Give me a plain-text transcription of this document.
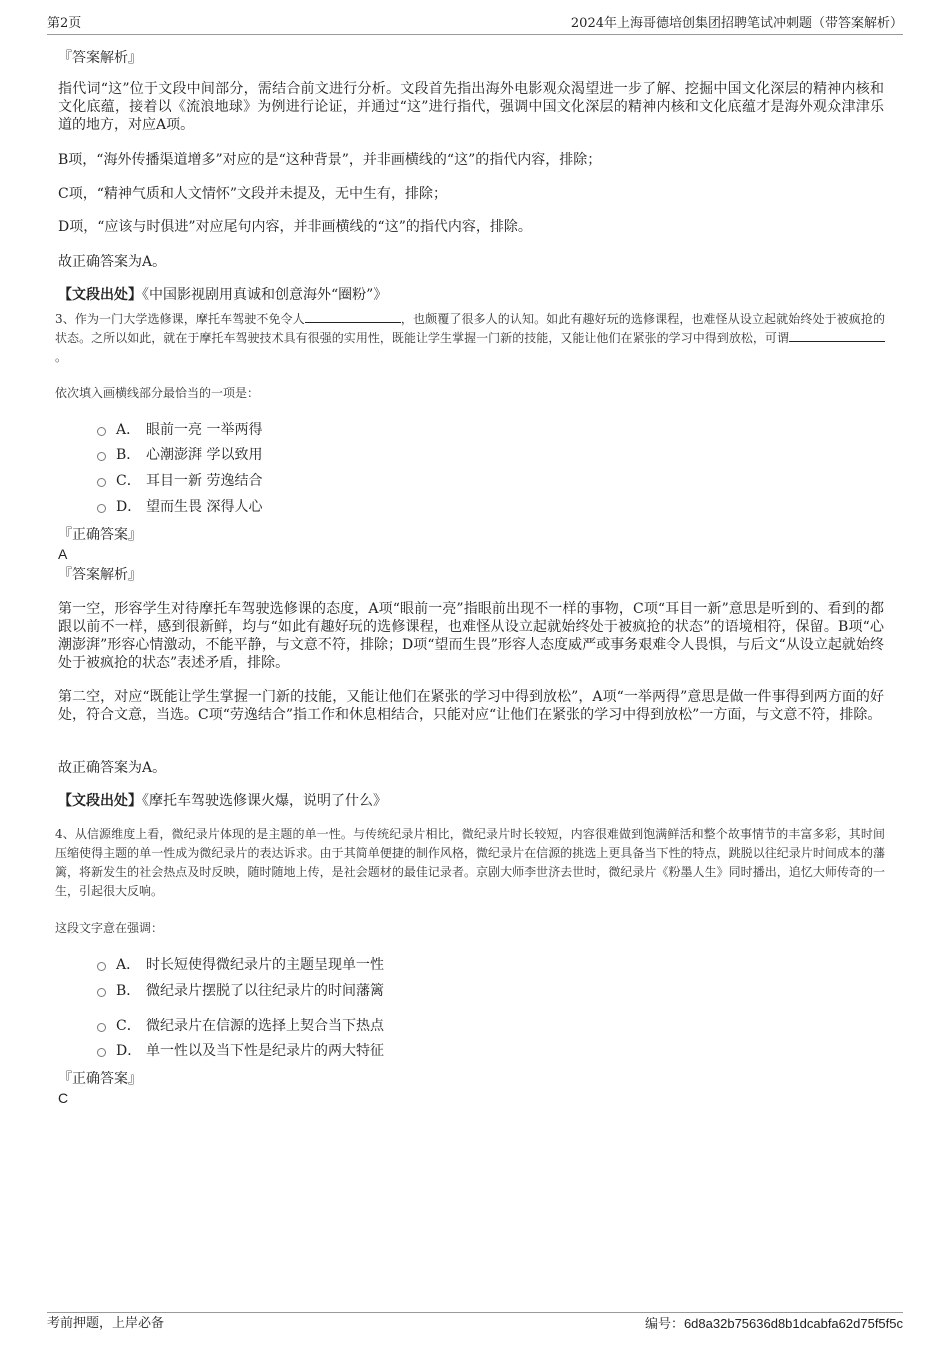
第2页	2024年上海哥德培创集团招聘笔试冲刺题（带答案解析）
『答案解析』
指代词“这”位于文段中间部分，需结合前文进行分析。文段首先指出海外电影观众渴望进一步了解、挖掘中国文化深层的精神内核和文化底蕴，接着以《流浪地球》为例进行论证，并通过“这”进行指代，强调中国文化深层的精神内核和文化底蕴才是海外观众津津乐道的地方，对应A项。
B项，“海外传播渠道增多”对应的是“这种背景”，并非画横线的“这”的指代内容，排除；
C项，“精神气质和人文情怀”文段并未提及，无中生有，排除；
D项，“应该与时俱进”对应尾句内容，并非画横线的“这”的指代内容，排除。
故正确答案为A。
【文段出处】《中国影视剧用真诚和创意海外“圈粉”》
3、作为一门大学选修课，摩托车驾驶不免令人	，也颇覆了很多人的认知。如此有趣好玩的选修课程，也难怪从设立起就始终处于被疯抢的状态。之所以如此，就在于摩托车驾驶技术具有很强的实用性，既能让学生掌握一门新的技能，又能让他们在紧张的学习中得到放松，可谓。
依次填入画横线部分最恰当的一项是：
A． 眼前一亮 一举两得
B． 心潮澎湃 学以致用
C． 耳目一新 劳逸结合
D． 望而生畏 深得人心
『正确答案』
A
『答案解析』
第一空，形容学生对待摩托车驾驶选修课的态度，A项“眼前一亮”指眼前出现不一样的事物，C项“耳目一新”意思是听到的、看到的都跟以前不一样，感到很新鲜，均与“如此有趣好玩的选修课程，也难怪从设立起就始终处于被疯抢的状态”的语境相符，保留。B项“心潮澎湃”形容心情激动，不能平静，与文意不符，排除；D项“望而生畏”形容人态度威严或事务艰难令人畏惧，与后文“从设立起就始终处于被疯抢的状态”表述矛盾，排除。
第二空，对应“既能让学生掌握一门新的技能，又能让他们在紧张的学习中得到放松”，A项“一举两得”意思是做一件事得到两方面的好处，符合文意，当选。C项“劳逸结合”指工作和休息相结合，只能对应“让他们在紧张的学习中得到放松”一方面，与文意不符，排除。
故正确答案为A。
【文段出处】《摩托车驾驶选修课火爆，说明了什么》
4、从信源维度上看，微纪录片体现的是主题的单一性。与传统纪录片相比，微纪录片时长较短，内容很难做到饱满鲜活和整个故事情节的丰富多彩，其时间压缩使得主题的单一性成为微纪录片的表达诉求。由于其简单便捷的制作风格，微纪录片在信源的挑选上更具备当下性的特点，跳脱以往纪录片时间成本的藩篱，将新发生的社会热点及时反映，随时随地上传，是社会题材的最佳记录者。京剧大师李世济去世时，微纪录片《粉墨人生》同时播出，追忆大师传奇的一生，引起很大反响。
这段文字意在强调：
A． 时长短使得微纪录片的主题呈现单一性
B． 微纪录片摆脱了以往纪录片的时间藩篱
C． 微纪录片在信源的选择上契合当下热点
D． 单一性以及当下性是纪录片的两大特征
『正确答案』
C
考前押题，上岸必备	编号：6d8a32b75636d8b1dcabfa62d75f5f5c
